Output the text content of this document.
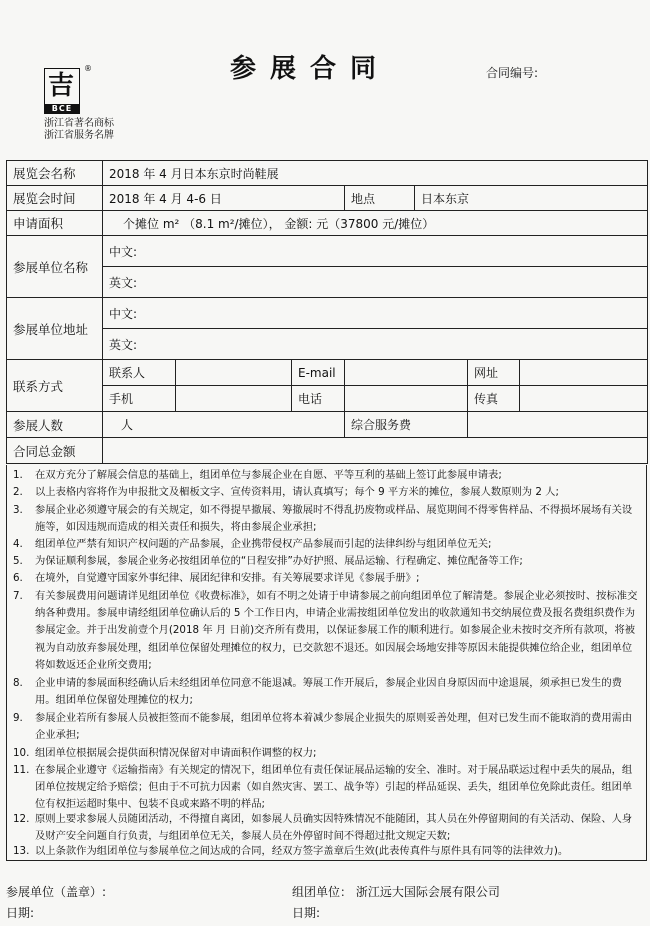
吉
BCE
®
浙江省著名商标
浙江省服务名牌
参展合同	合同编号:
展览会名称	2018 年 4 月日本东京时尚鞋展						
展览会时间	2018 年 4 月 4-6 日			地点	日本东京		
申请面积	个摊位 m² （8.1 m²/摊位）， 金额: 元（37800 元/摊位）						
参展单位名称	中文:						
	英文:						
参展单位地址	中文:						
	英文:						
联系方式	联系人		E-mail			网址	
	手机		电话			传真	
参展人数	人			综合服务费			
合同总金额							
1.	在双方充分了解展会信息的基础上，组团单位与参展企业在自愿、平等互利的基础上签订此参展申请表;
2.	以上表格内容将作为申报批文及楣板文字、宣传资料用，请认真填写；每个 9 平方米的摊位，参展人数原则为 2 人;
3.	参展企业必须遵守展会的有关规定，如不得提早撤展、筹撤展时不得乱扔废物或样品、展览期间不得零售样品、不得损坏展场有关设施等，如因违规而造成的相关责任和损失，将由参展企业承担;
4.	组团单位严禁有知识产权问题的产品参展，企业携带侵权产品参展而引起的法律纠纷与组团单位无关;
5.	为保证顺利参展，参展企业务必按组团单位的“日程安排”办好护照、展品运输、行程确定、摊位配备等工作;
6.	在境外，自觉遵守国家外事纪律、展团纪律和安排。有关筹展要求详见《参展手册》;
7.	有关参展费用问题请详见组团单位《收费标准》，如有不明之处请于申请参展之前向组团单位了解清楚。参展企业必须按时、按标准交纳各种费用。参展申请经组团单位确认后的 5 个工作日内，申请企业需按组团单位发出的收款通知书交纳展位费及报名费组织费作为参展定金。并于出发前壹个月(2018 年 月 日前)交齐所有费用，以保证参展工作的顺利进行。如参展企业未按时交齐所有款项，将被视为自动放弃参展处理，组团单位保留处理摊位的权力，已交款恕不退还。如因展会场地安排等原因未能提供摊位给企业，组团单位将如数返还企业所交费用;
8.	企业申请的参展面积经确认后未经组团单位同意不能退减。筹展工作开展后，参展企业因自身原因而中途退展，须承担已发生的费用。组团单位保留处理摊位的权力;
9.	参展企业若所有参展人员被拒签而不能参展，组团单位将本着减少参展企业损失的原则妥善处理，但对已发生而不能取消的费用需由企业承担;
10. 组团单位根据展会提供面积情况保留对申请面积作调整的权力;
11. 在参展企业遵守《运输指南》有关规定的情况下，组团单位有责任保证展品运输的安全、准时。对于展品联运过程中丢失的展品，组团单位按规定给予赔偿；但由于不可抗力因素（如自然灾害、罢工、战争等）引起的样品延误、丢失，组团单位免除此责任。组团单位有权拒运超时集中、包装不良或来路不明的样品;
12. 原则上要求参展人员随团活动，不得擅自离团，如参展人员确实因特殊情况不能随团，其人员在外停留期间的有关活动、保险、人身及财产安全问题自行负责，与组团单位无关，参展人员在外停留时间不得超过批文规定天数;
13. 以上条款作为组团单位与参展单位之间达成的合同，经双方签字盖章后生效(此表传真件与原件具有同等的法律效力)。
参展单位（盖章）:	组团单位： 浙江远大国际会展有限公司
日期:	日期:
